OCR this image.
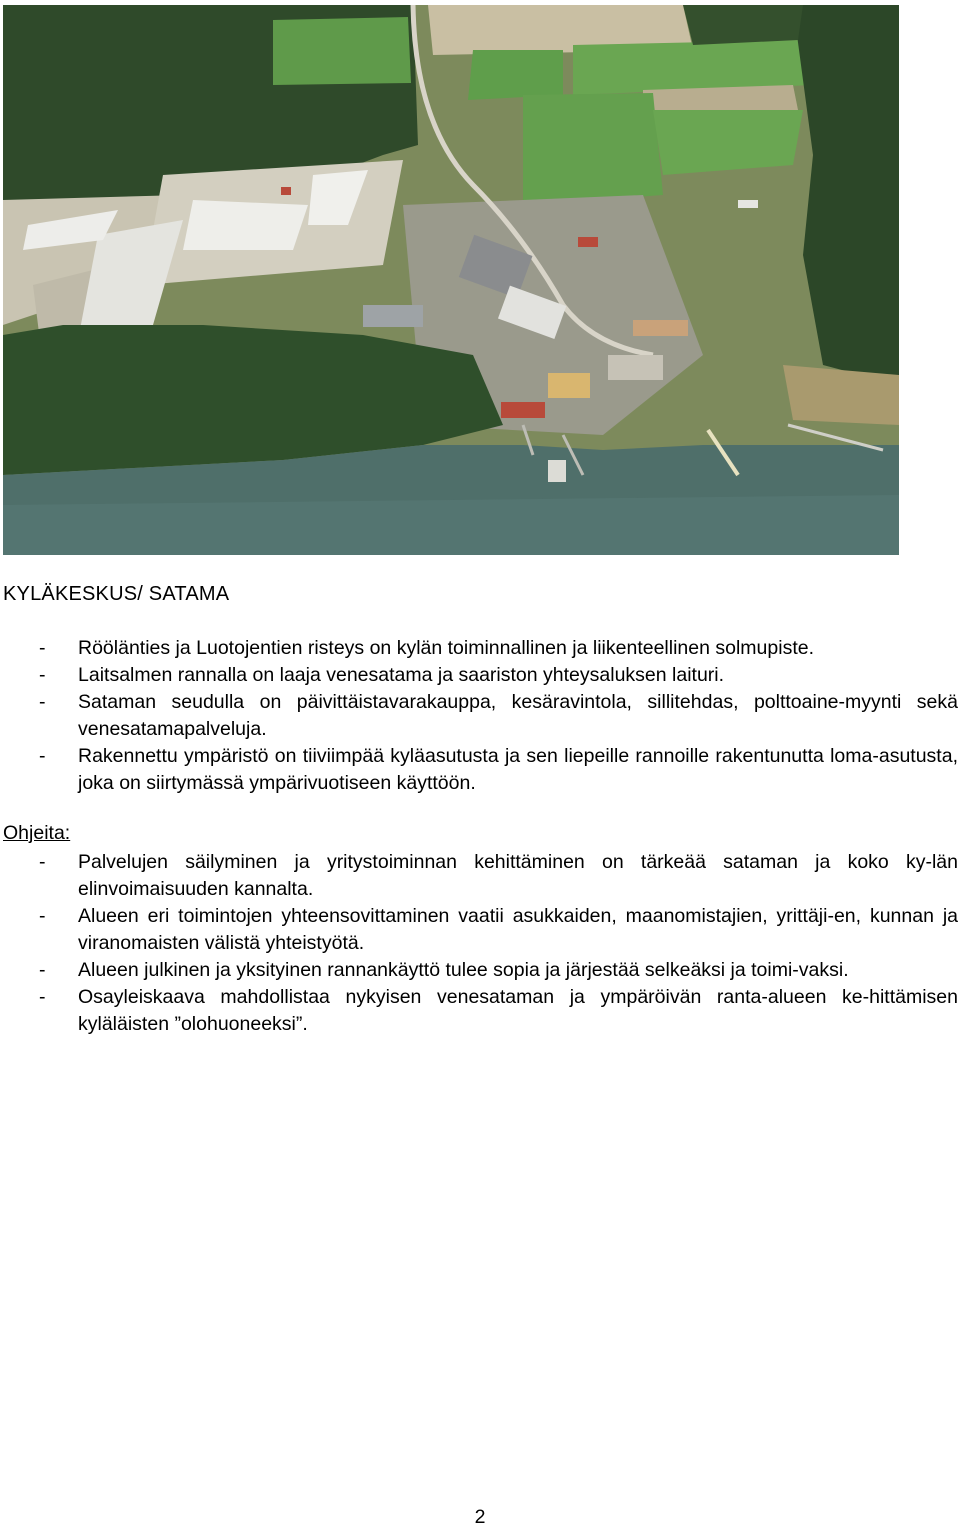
KYLÄKESKUS/ SATAMA
- Röölänties ja Luotojentien risteys on kylän toiminnallinen ja liikenteellinen solmupiste.
- Laitsalmen rannalla on laaja venesatama ja saariston yhteysaluksen laituri.
- Sataman seudulla on päivittäistavarakauppa, kesäravintola, sillitehdas, polttoaine-myynti sekä venesatamapalveluja.
- Rakennettu ympäristö on tiiviimpää kyläasutusta ja sen liepeille rannoille rakentunutta loma-asutusta, joka on siirtymässä ympärivuotiseen käyttöön.
Ohjeita:
- Palvelujen säilyminen ja yritystoiminnan kehittäminen on tärkeää sataman ja koko ky-län elinvoimaisuuden kannalta.
- Alueen eri toimintojen yhteensovittaminen vaatii asukkaiden, maanomistajien, yrittäji-en, kunnan ja viranomaisten välistä yhteistyötä.
- Alueen julkinen ja yksityinen rannankäyttö tulee sopia ja järjestää selkeäksi ja toimi-vaksi.
- Osayleiskaava mahdollistaa nykyisen venesataman ja ympäröivän ranta-alueen ke-hittämisen kyläläisten ”olohuoneeksi”.
2
